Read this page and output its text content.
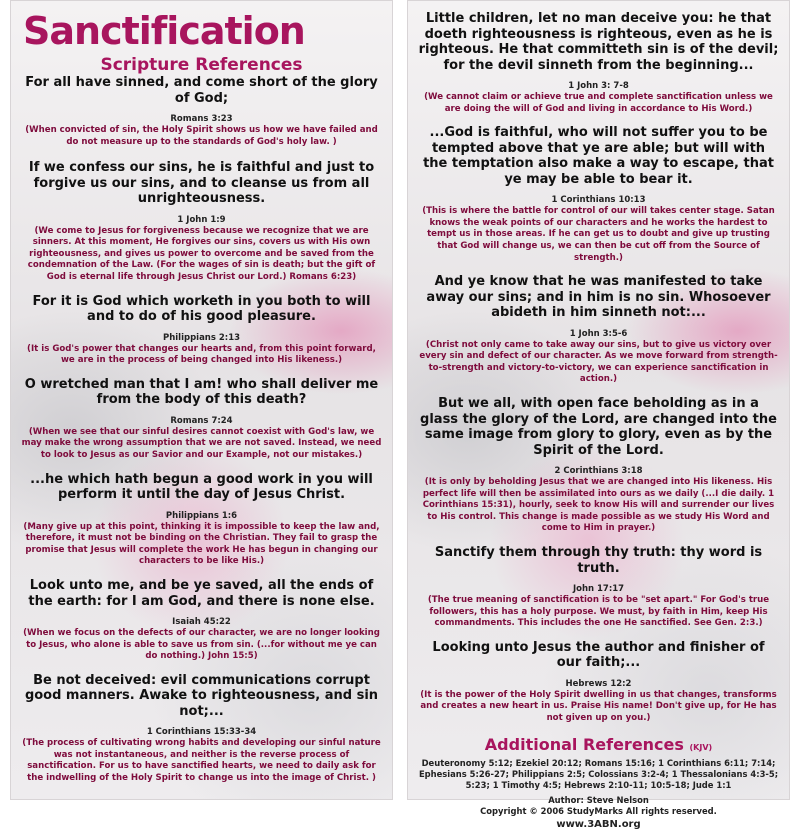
Sanctification
Scripture References

For all have sinned, and come short of the glory of God;

Romans 3:23

(When convicted of sin, the Holy Spirit shows us how we have failed and do not measure up to the standards of God's holy law. )

If we confess our sins, he is faithful and just to forgive us our sins, and to cleanse us from all unrighteousness.

1 John 1:9

(We come to Jesus for forgiveness because we recognize that we are sinners. At this moment, He forgives our sins, covers us with His own righteousness, and gives us power to overcome and be saved from the condemnation of the Law. (For the wages of sin is death; but the gift of God is eternal life through Jesus Christ our Lord.) Romans 6:23)

For it is God which worketh in you both to will and to do of his good pleasure.

Philippians 2:13

(It is God's power that changes our hearts and, from this point forward, we are in the process of being changed into His likeness.)

O wretched man that I am! who shall deliver me from the body of this death?

Romans 7:24

(When we see that our sinful desires cannot coexist with God's law, we may make the wrong assumption that we are not saved. Instead, we need to look to Jesus as our Savior and our Example, not our mistakes.)

...he which hath begun a good work in you will perform it until the day of Jesus Christ.

Philippians 1:6

(Many give up at this point, thinking it is impossible to keep the law and, therefore, it must not be binding on the Christian. They fail to grasp the promise that Jesus will complete the work He has begun in changing our characters to be like His.)

Look unto me, and be ye saved, all the ends of the earth: for I am God, and there is none else.

Isaiah 45:22

(When we focus on the defects of our character, we are no longer looking to Jesus, who alone is able to save us from sin. (...for without me ye can do nothing.) John 15:5)

Be not deceived: evil communications corrupt good manners. Awake to righteousness, and sin not;...

1 Corinthians 15:33-34

(The process of cultivating wrong habits and developing our sinful nature was not instantaneous, and neither is the reverse process of sanctification. For us to have sanctified hearts, we need to daily ask for the indwelling of the Holy Spirit to change us into the image of Christ. )

Little children, let no man deceive you: he that doeth righteousness is righteous, even as he is righteous. He that committeth sin is of the devil; for the devil sinneth from the beginning...

1 John 3: 7-8

(We cannot claim or achieve true and complete sanctification unless we are doing the will of God and living in accordance to His Word.)

...God is faithful, who will not suffer you to be tempted above that ye are able; but will with the temptation also make a way to escape, that ye may be able to bear it.

1 Corinthians 10:13

(This is where the battle for control of our will takes center stage. Satan knows the weak points of our characters and he works the hardest to tempt us in those areas. If he can get us to doubt and give up trusting that God will change us, we can then be cut off from the Source of strength.)

And ye know that he was manifested to take away our sins; and in him is no sin. Whosoever abideth in him sinneth not:...

1 John 3:5-6

(Christ not only came to take away our sins, but to give us victory over every sin and defect of our character. As we move forward from strength-to-strength and victory-to-victory, we can experience sanctification in action.)

But we all, with open face beholding as in a glass the glory of the Lord, are changed into the same image from glory to glory, even as by the Spirit of the Lord.

2 Corinthians 3:18

(It is only by beholding Jesus that we are changed into His likeness. His perfect life will then be assimilated into ours as we daily (...I die daily. 1 Corinthians 15:31), hourly, seek to know His will and surrender our lives to His control. This change is made possible as we study His Word and come to Him in prayer.)

Sanctify them through thy truth: thy word is truth.

John 17:17

(The true meaning of sanctification is to be "set apart." For God's true followers, this has a holy purpose. We must, by faith in Him, keep His commandments. This includes the one He sanctified. See Gen. 2:3.)

Looking unto Jesus the author and finisher of our faith;...

Hebrews 12:2

(It is the power of the Holy Spirit dwelling in us that changes, transforms and creates a new heart in us. Praise His name! Don't give up, for He has not given up on you.)

Additional References (KJV)

Deuteronomy 5:12; Ezekiel 20:12; Romans 15:16; 1 Corinthians 6:11; 7:14; Ephesians 5:26-27; Philippians 2:5; Colossians 3:2-4; 1 Thessalonians 4:3-5; 5:23; 1 Timothy 4:5; Hebrews 2:10-11; 10:5-18; Jude 1:1

Author: Steve Nelson

Copyright © 2006 StudyMarks All rights reserved.

www.3ABN.org
